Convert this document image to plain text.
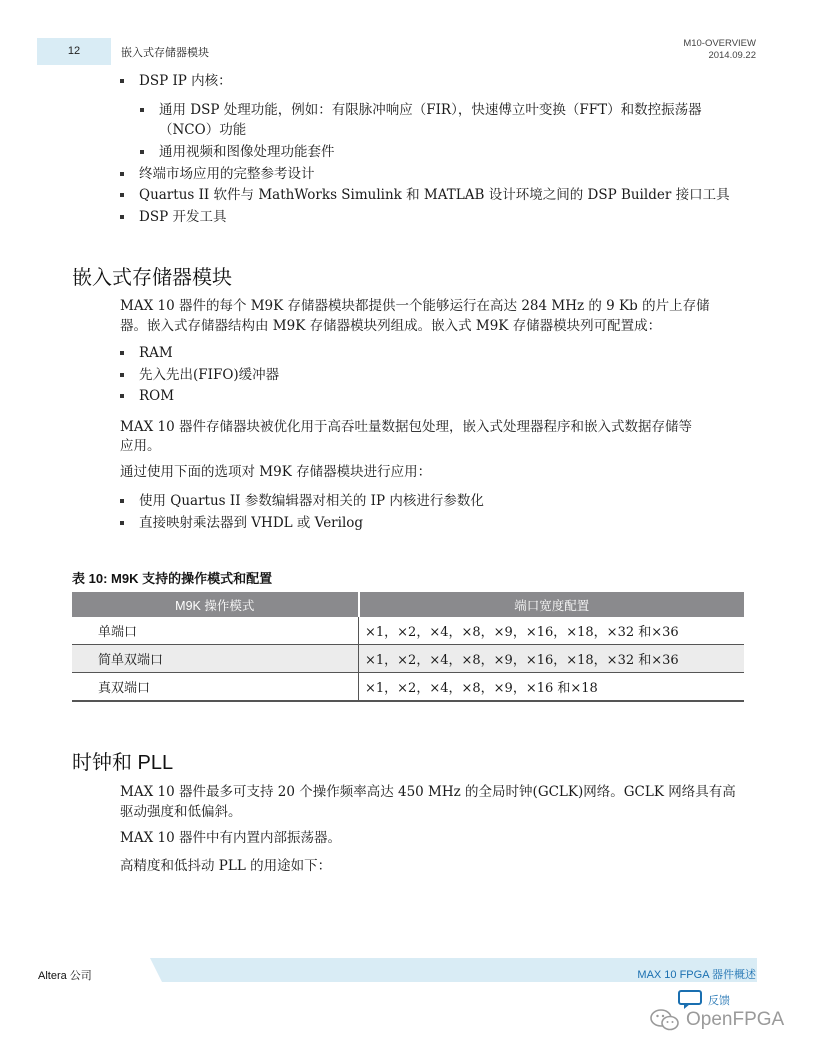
12	嵌入式存储器模块
M10-OVERVIEW
2014.09.22
DSP IP 内核：
通用 DSP 处理功能，例如：有限脉冲响应（FIR），快速傅立叶变换（FFT）和数控振荡器
（NCO）功能
通用视频和图像处理功能套件
终端市场应用的完整参考设计
Quartus II 软件与 MathWorks Simulink 和 MATLAB 设计环境之间的 DSP Builder 接口工具
DSP 开发工具
嵌入式存储器模块
MAX 10 器件的每个 M9K 存储器模块都提供一个能够运行在高达 284 MHz 的 9 Kb 的片上存储
器。嵌入式存储器结构由 M9K 存储器模块列组成。嵌入式 M9K 存储器模块列可配置成：
RAM
先入先出(FIFO)缓冲器
ROM
MAX 10 器件存储器块被优化用于高吞吐量数据包处理，嵌入式处理器程序和嵌入式数据存储等
应用。
通过使用下面的选项对 M9K 存储器模块进行应用：
使用 Quartus II 参数编辑器对相关的 IP 内核进行参数化
直接映射乘法器到 VHDL 或 Verilog
表 10: M9K 支持的操作模式和配置
M9K 操作模式	端口宽度配置
单端口	×1，×2，×4，×8，×9，×16，×18，×32 和×36
简单双端口	×1，×2，×4，×8，×9，×16，×18，×32 和×36
真双端口	×1，×2，×4，×8，×9，×16 和×18
时钟和 PLL
MAX 10 器件最多可支持 20 个操作频率高达 450 MHz 的全局时钟(GCLK)网络。GCLK 网络具有高
驱动强度和低偏斜。
MAX 10 器件中有内置内部振荡器。
高精度和低抖动 PLL 的用途如下：
Altera 公司	MAX 10 FPGA 器件概述
反馈
OpenFPGA
